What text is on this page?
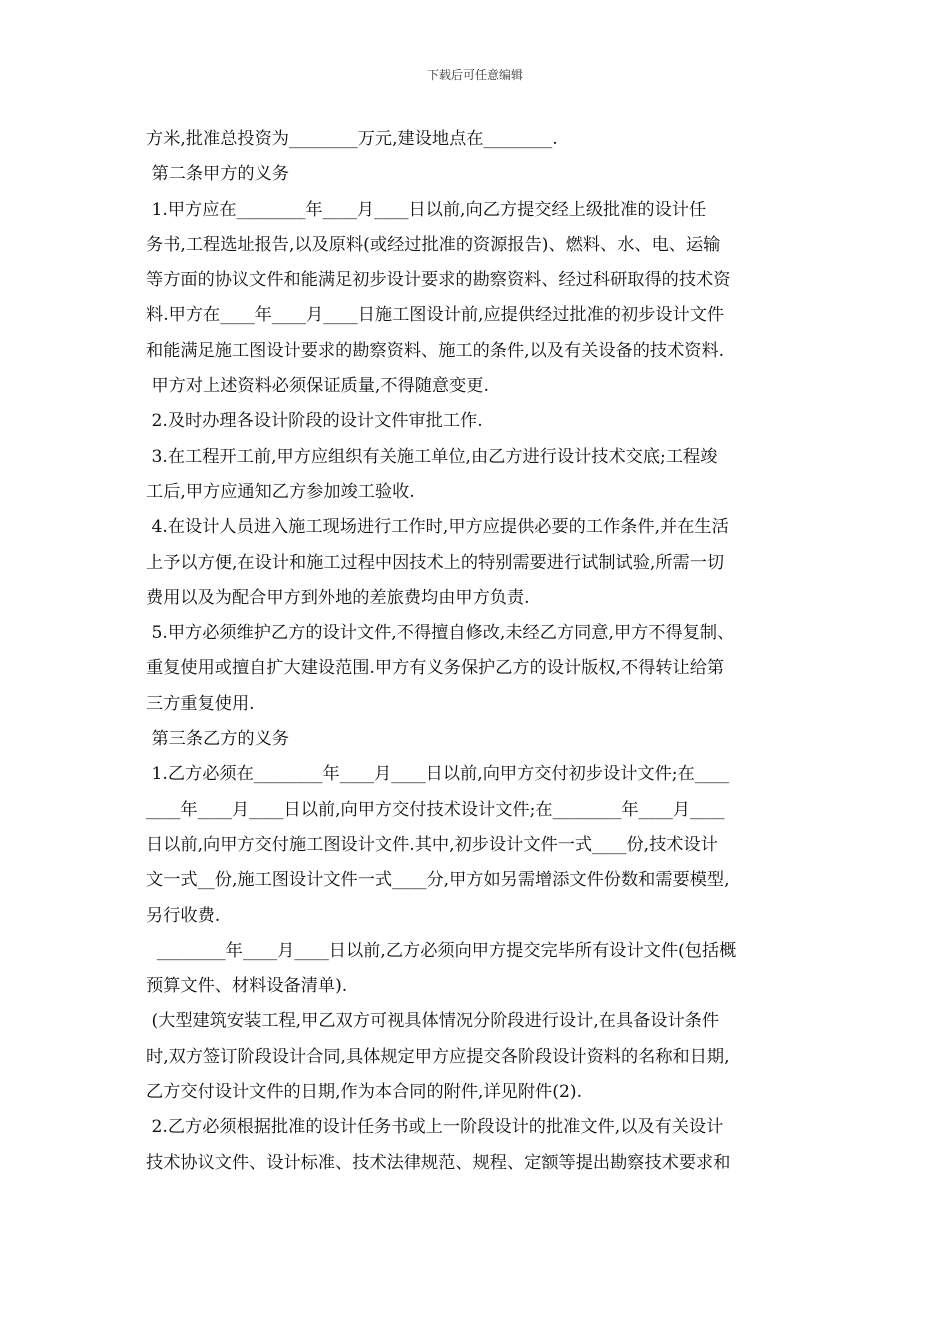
下载后可任意编辑
方米,批准总投资为________万元,建设地点在________.
第二条甲方的义务
1.甲方应在________年____月____日以前,向乙方提交经上级批准的设计任
务书,工程选址报告,以及原料(或经过批准的资源报告)、燃料、水、电、运输
等方面的协议文件和能满足初步设计要求的勘察资料、经过科研取得的技术资
料.甲方在____年____月____日施工图设计前,应提供经过批准的初步设计文件
和能满足施工图设计要求的勘察资料、施工的条件,以及有关设备的技术资料.
甲方对上述资料必须保证质量,不得随意变更.
2.及时办理各设计阶段的设计文件审批工作.
3.在工程开工前,甲方应组织有关施工单位,由乙方进行设计技术交底;工程竣
工后,甲方应通知乙方参加竣工验收.
4.在设计人员进入施工现场进行工作时,甲方应提供必要的工作条件,并在生活
上予以方便,在设计和施工过程中因技术上的特别需要进行试制试验,所需一切
费用以及为配合甲方到外地的差旅费均由甲方负责.
5.甲方必须维护乙方的设计文件,不得擅自修改,未经乙方同意,甲方不得复制、
重复使用或擅自扩大建设范围.甲方有义务保护乙方的设计版权,不得转让给第
三方重复使用.
第三条乙方的义务
1.乙方必须在________年____月____日以前,向甲方交付初步设计文件;在____
____年____月____日以前,向甲方交付技术设计文件;在________年____月____
日以前,向甲方交付施工图设计文件.其中,初步设计文件一式____份,技术设计
文一式__份,施工图设计文件一式____分,甲方如另需增添文件份数和需要模型,
另行收费.
________年____月____日以前,乙方必须向甲方提交完毕所有设计文件(包括概
预算文件、材料设备清单).
(大型建筑安装工程,甲乙双方可视具体情况分阶段进行设计,在具备设计条件
时,双方签订阶段设计合同,具体规定甲方应提交各阶段设计资料的名称和日期,
乙方交付设计文件的日期,作为本合同的附件,详见附件(2).
2.乙方必须根据批准的设计任务书或上一阶段设计的批准文件,以及有关设计
技术协议文件、设计标准、技术法律规范、规程、定额等提出勘察技术要求和
